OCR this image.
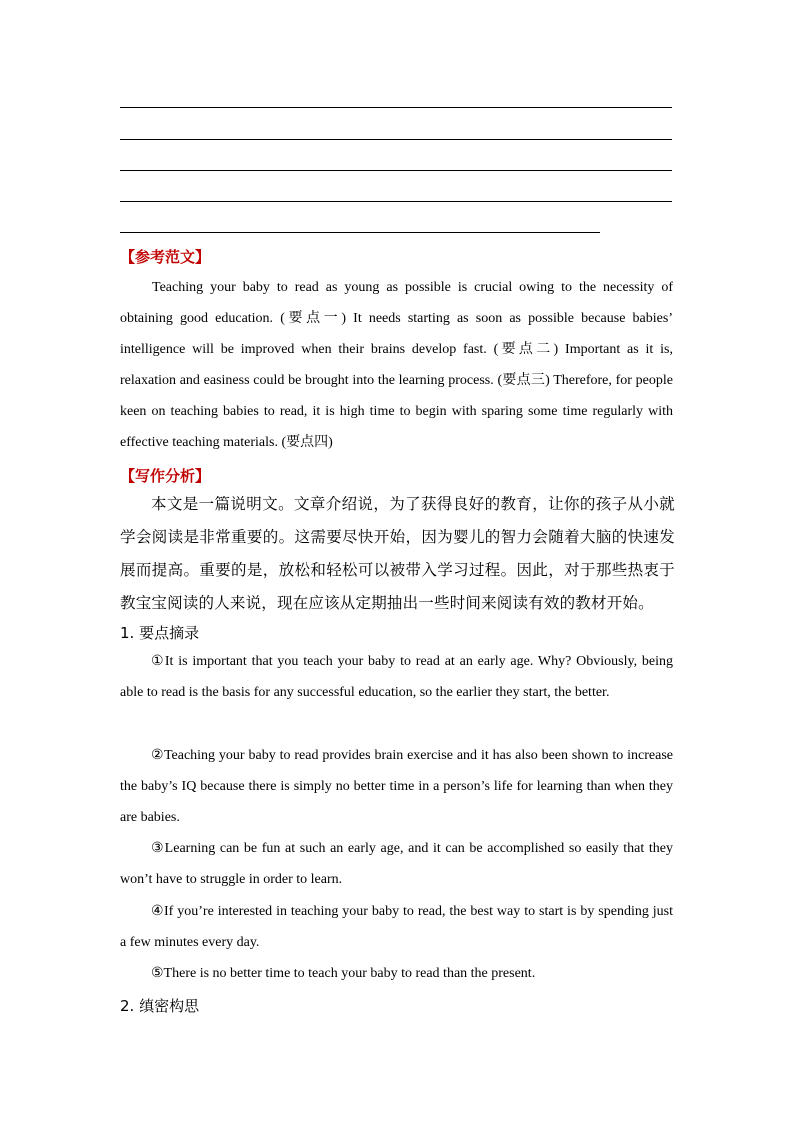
【参考范文】
Teaching your baby to read as young as possible is crucial owing to the necessity of obtaining good education. (要点一) It needs starting as soon as possible because babies’ intelligence will be improved when their brains develop fast. (要点二) Important as it is, relaxation and easiness could be brought into the learning process. (要点三) Therefore, for people keen on teaching babies to read, it is high time to begin with sparing some time regularly with effective teaching materials. (要点四)
【写作分析】
本文是一篇说明文。文章介绍说，为了获得良好的教育，让你的孩子从小就学会阅读是非常重要的。这需要尽快开始，因为婴儿的智力会随着大脑的快速发展而提高。重要的是，放松和轻松可以被带入学习过程。因此，对于那些热衷于教宝宝阅读的人来说，现在应该从定期抽出一些时间来阅读有效的教材开始。
1. 要点摘录
①It is important that you teach your baby to read at an early age. Why? Obviously, being able to read is the basis for any successful education, so the earlier they start, the better.
②Teaching your baby to read provides brain exercise and it has also been shown to increase the baby’s IQ because there is simply no better time in a person’s life for learning than when they are babies.
③Learning can be fun at such an early age, and it can be accomplished so easily that they won’t have to struggle in order to learn.
④If you’re interested in teaching your baby to read, the best way to start is by spending just a few minutes every day.
⑤There is no better time to teach your baby to read than the present.
2. 缜密构思
